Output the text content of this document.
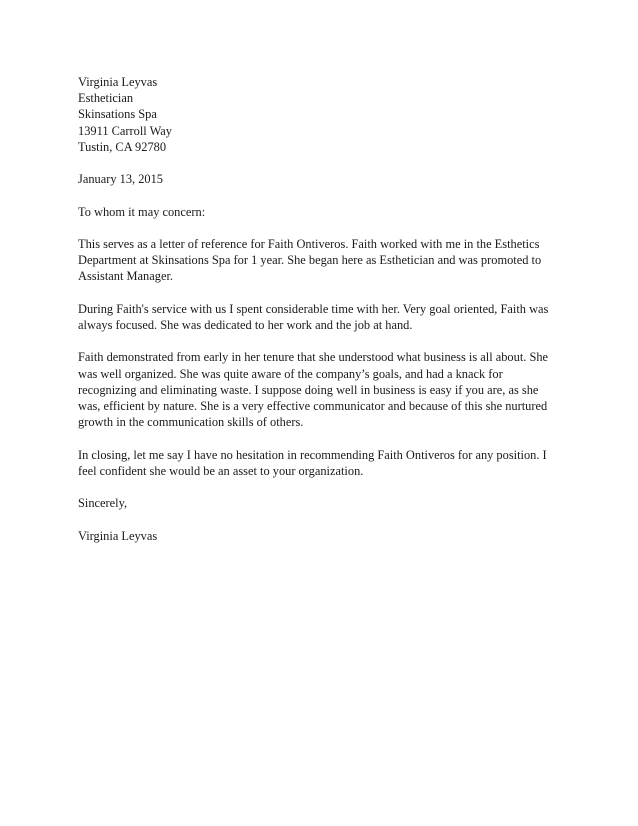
Virginia Leyvas
Esthetician
Skinsations Spa
13911 Carroll Way
Tustin, CA 92780
January 13, 2015
To whom it may concern:
This serves as a letter of reference for Faith Ontiveros. Faith worked with me in the Esthetics
Department at Skinsations Spa for 1 year. She began here as Esthetician and was promoted to
Assistant Manager.
During Faith's service with us I spent considerable time with her. Very goal oriented, Faith was
always focused. She was dedicated to her work and the job at hand.
Faith demonstrated from early in her tenure that she understood what business is all about. She
was well organized. She was quite aware of the company’s goals, and had a knack for
recognizing and eliminating waste. I suppose doing well in business is easy if you are, as she
was, efficient by nature. She is a very effective communicator and because of this she nurtured
growth in the communication skills of others.
In closing, let me say I have no hesitation in recommending Faith Ontiveros for any position. I
feel confident she would be an asset to your organization.
Sincerely,
Virginia Leyvas
